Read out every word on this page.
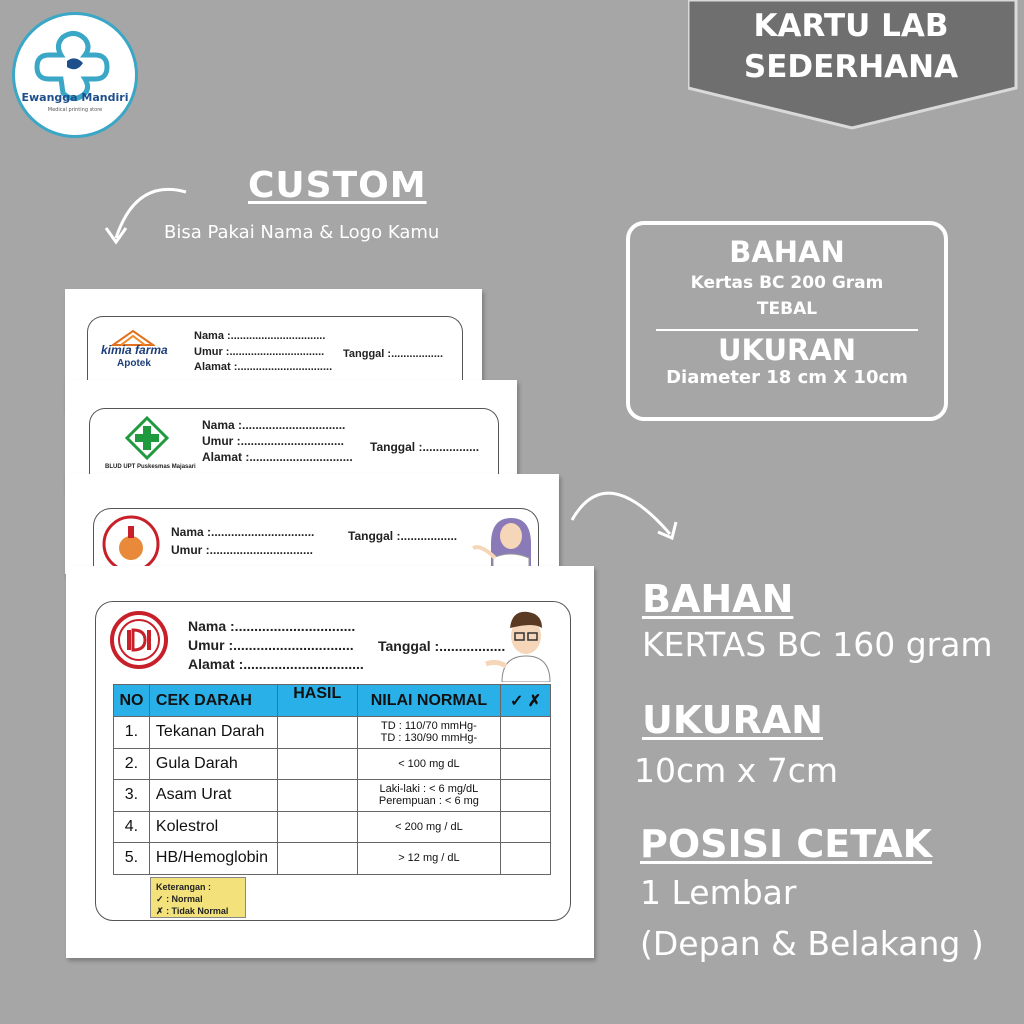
Ewangga Mandiri
Medical printing store
KARTU LAB
SEDERHANA
CUSTOM
Bisa Pakai Nama & Logo Kamu
BAHAN
Kertas BC 200 Gram
TEBAL
UKURAN
Diameter 18 cm X 10cm
BAHAN
KERTAS BC 160 gram
UKURAN
10cm x 7cm
POSISI CETAK
1 Lembar
(Depan & Belakang )
kimia farma
Apotek
Nama :...............................
Umur :...............................
Alamat :...............................
Tanggal :.................
BLUD UPT Puskesmas Majasari
Nama :...............................
Umur :...............................
Alamat :...............................
Tanggal :.................
Nama :...............................
Umur :...............................
Tanggal :.................
Nama :...............................
Umur :...............................
Alamat :...............................
Tanggal :.................
NO	CEK DARAH	HASIL	NILAI NORMAL	✓ ✗
1.	Tekanan Darah		TD : 110/70 mmHg-
TD : 130/90 mmHg-	

2.	Gula Darah		< 100 mg dL	

3.	Asam Urat		Laki-laki : < 6 mg/dL
Perempuan : < 6 mg	

4.	Kolestrol		< 200 mg / dL	

5.	HB/Hemoglobin		> 12 mg / dL	

Keterangan :
✓ : Normal
✗ : Tidak Normal
